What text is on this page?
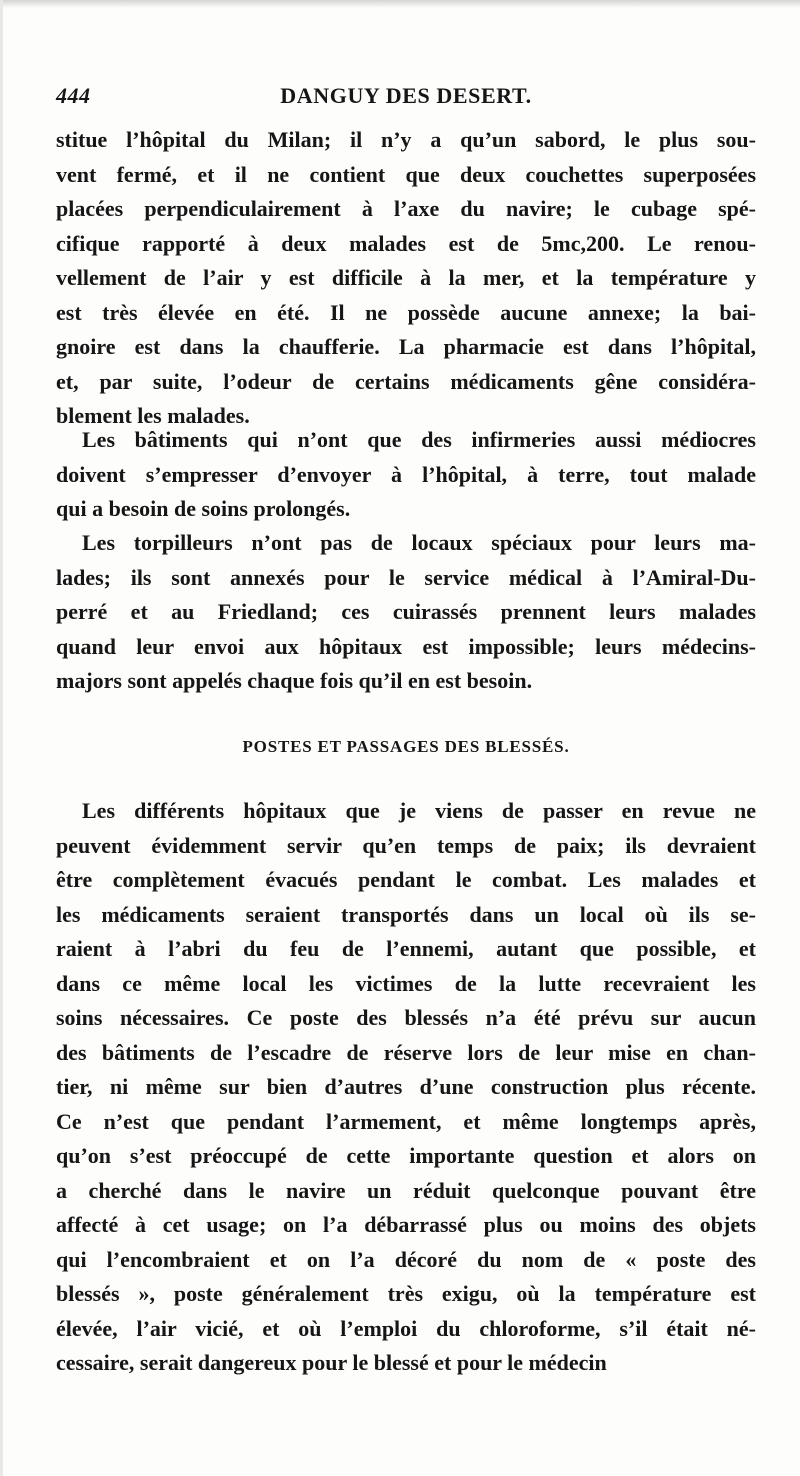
444	DANGUY DES DESERT.
stitue l’hôpital du Milan; il n’y a qu’un sabord, le plus sou-
vent fermé, et il ne contient que deux couchettes superposées
placées perpendiculairement à l’axe du navire; le cubage spé-
cifique rapporté à deux malades est de 5mc,200. Le renou-
vellement de l’air y est difficile à la mer, et la température y
est très élevée en été. Il ne possède aucune annexe; la bai-
gnoire est dans la chaufferie. La pharmacie est dans l’hôpital,
et, par suite, l’odeur de certains médicaments gêne considéra-
blement les malades.
Les bâtiments qui n’ont que des infirmeries aussi médiocres
doivent s’empresser d’envoyer à l’hôpital, à terre, tout malade
qui a besoin de soins prolongés.
Les torpilleurs n’ont pas de locaux spéciaux pour leurs ma-
lades; ils sont annexés pour le service médical à l’Amiral-Du-
perré et au Friedland; ces cuirassés prennent leurs malades
quand leur envoi aux hôpitaux est impossible; leurs médecins-
majors sont appelés chaque fois qu’il en est besoin.
POSTES ET PASSAGES DES BLESSÉS.
Les différents hôpitaux que je viens de passer en revue ne
peuvent évidemment servir qu’en temps de paix; ils devraient
être complètement évacués pendant le combat. Les malades et
les médicaments seraient transportés dans un local où ils se-
raient à l’abri du feu de l’ennemi, autant que possible, et
dans ce même local les victimes de la lutte recevraient les
soins nécessaires. Ce poste des blessés n’a été prévu sur aucun
des bâtiments de l’escadre de réserve lors de leur mise en chan-
tier, ni même sur bien d’autres d’une construction plus récente.
Ce n’est que pendant l’armement, et même longtemps après,
qu’on s’est préoccupé de cette importante question et alors on
a cherché dans le navire un réduit quelconque pouvant être
affecté à cet usage; on l’a débarrassé plus ou moins des objets
qui l’encombraient et on l’a décoré du nom de « poste des
blessés », poste généralement très exigu, où la température est
élevée, l’air vicié, et où l’emploi du chloroforme, s’il était né-
cessaire, serait dangereux pour le blessé et pour le médecin
